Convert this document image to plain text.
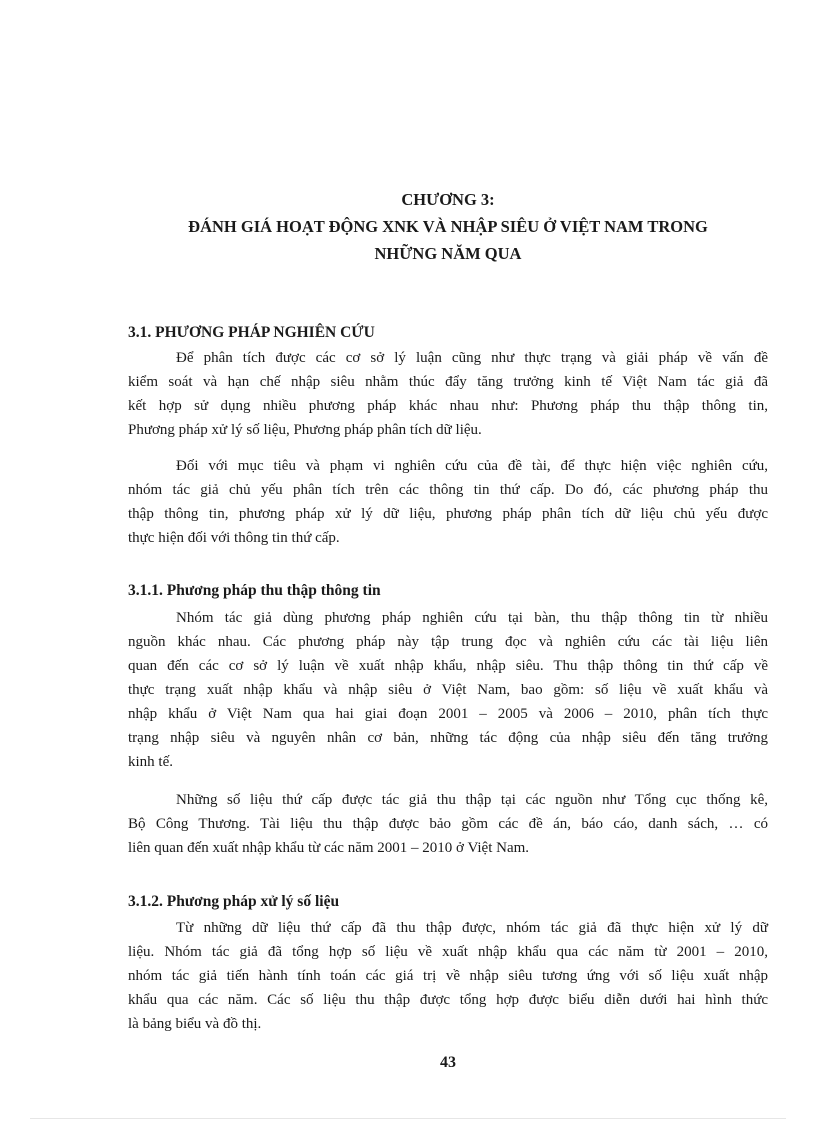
CHƯƠNG 3:
ĐÁNH GIÁ HOẠT ĐỘNG XNK VÀ NHẬP SIÊU Ở VIỆT NAM TRONG
NHỮNG NĂM QUA
3.1. PHƯƠNG PHÁP NGHIÊN CỨU

Để phân tích được các cơ sở lý luận cũng như thực trạng và giải pháp về vấn đề
kiểm soát và hạn chế nhập siêu nhằm thúc đẩy tăng trưởng kinh tế Việt Nam tác giả đã
kết hợp sử dụng nhiều phương pháp khác nhau như: Phương pháp thu thập thông tin,
Phương pháp xử lý số liệu, Phương pháp phân tích dữ liệu.

Đối với mục tiêu và phạm vi nghiên cứu của đề tài, để thực hiện việc nghiên cứu,
nhóm tác giả chủ yếu phân tích trên các thông tin thứ cấp. Do đó, các phương pháp thu
thập thông tin, phương pháp xử lý dữ liệu, phương pháp phân tích dữ liệu chủ yếu được
thực hiện đối với thông tin thứ cấp.

3.1.1. Phương pháp thu thập thông tin

Nhóm tác giả dùng phương pháp nghiên cứu tại bàn, thu thập thông tin từ nhiều
nguồn khác nhau. Các phương pháp này tập trung đọc và nghiên cứu các tài liệu liên
quan đến các cơ sở lý luận về xuất nhập khẩu, nhập siêu. Thu thập thông tin thứ cấp về
thực trạng xuất nhập khẩu và nhập siêu ở Việt Nam, bao gồm: số liệu về xuất khẩu và
nhập khẩu ở Việt Nam qua hai giai đoạn 2001 – 2005 và 2006 – 2010, phân tích thực
trạng nhập siêu và nguyên nhân cơ bản, những tác động của nhập siêu đến tăng trưởng
kinh tế.

Những số liệu thứ cấp được tác giả thu thập tại các nguồn như Tổng cục thống kê,
Bộ Công Thương. Tài liệu thu thập được bảo gồm các đề án, báo cáo, danh sách, … có
liên quan đến xuất nhập khẩu từ các năm 2001 – 2010 ở Việt Nam.

3.1.2. Phương pháp xử lý số liệu

Từ những dữ liệu thứ cấp đã thu thập được, nhóm tác giả đã thực hiện xử lý dữ
liệu. Nhóm tác giả đã tổng hợp số liệu về xuất nhập khẩu qua các năm từ 2001 – 2010,
nhóm tác giả tiến hành tính toán các giá trị về nhập siêu tương ứng với số liệu xuất nhập
khẩu qua các năm. Các số liệu thu thập được tổng hợp được biểu diễn dưới hai hình thức
là bảng biểu và đồ thị.

43
